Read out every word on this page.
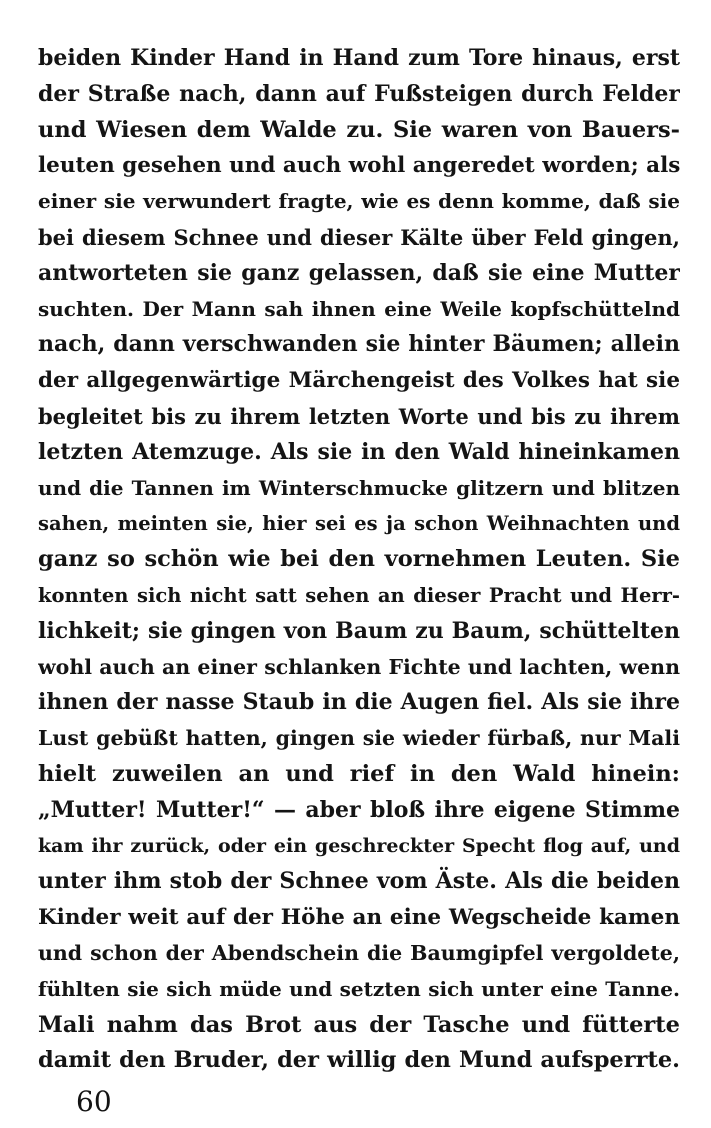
beiden Kinder Hand in Hand zum Tore hinaus, erst
der Straße nach, dann auf Fußsteigen durch Felder
und Wiesen dem Walde zu. Sie waren von Bauers-
leuten gesehen und auch wohl angeredet worden; als
einer sie verwundert fragte, wie es denn komme, daß sie
bei diesem Schnee und dieser Kälte über Feld gingen,
antworteten sie ganz gelassen, daß sie eine Mutter
suchten. Der Mann sah ihnen eine Weile kopfschüttelnd
nach, dann verschwanden sie hinter Bäumen; allein
der allgegenwärtige Märchengeist des Volkes hat sie
begleitet bis zu ihrem letzten Worte und bis zu ihrem
letzten Atemzuge. Als sie in den Wald hineinkamen
und die Tannen im Winterschmucke glitzern und blitzen
sahen, meinten sie, hier sei es ja schon Weihnachten und
ganz so schön wie bei den vornehmen Leuten. Sie
konnten sich nicht satt sehen an dieser Pracht und Herr-
lichkeit; sie gingen von Baum zu Baum, schüttelten
wohl auch an einer schlanken Fichte und lachten, wenn
ihnen der nasse Staub in die Augen fiel. Als sie ihre
Lust gebüßt hatten, gingen sie wieder fürbaß, nur Mali
hielt zuweilen an und rief in den Wald hinein:
„Mutter! Mutter!“ — aber bloß ihre eigene Stimme
kam ihr zurück, oder ein geschreckter Specht flog auf, und
unter ihm stob der Schnee vom Äste. Als die beiden
Kinder weit auf der Höhe an eine Wegscheide kamen
und schon der Abendschein die Baumgipfel vergoldete,
fühlten sie sich müde und setzten sich unter eine Tanne.
Mali nahm das Brot aus der Tasche und fütterte
damit den Bruder, der willig den Mund aufsperrte.
60
